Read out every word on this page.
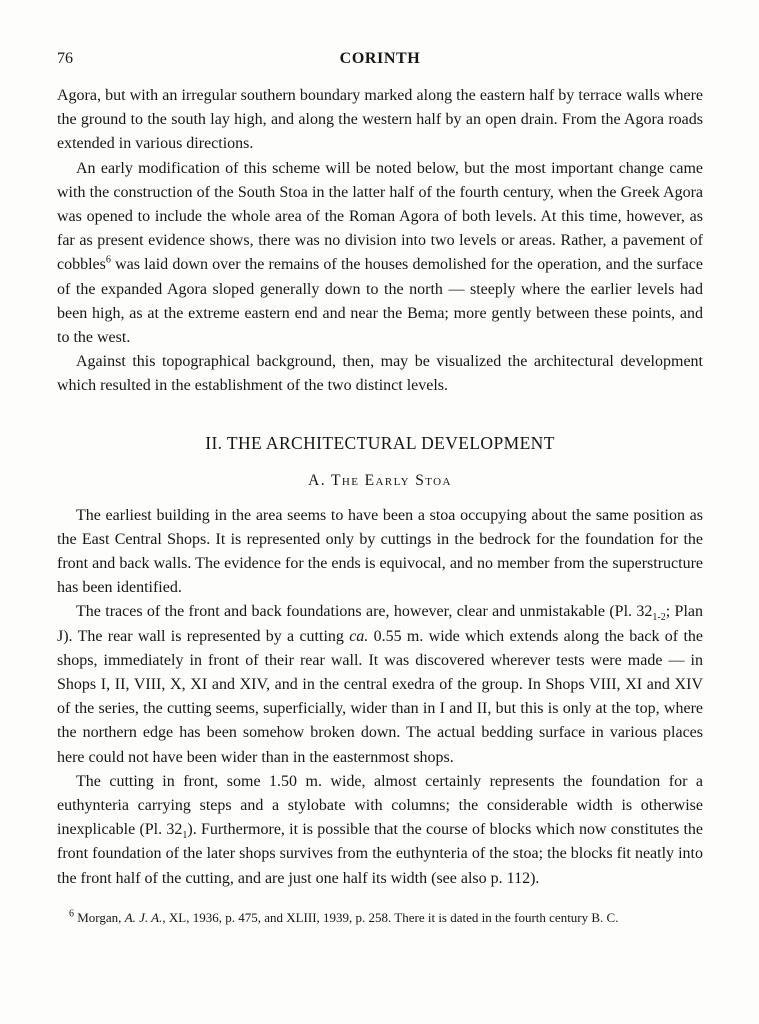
76	CORINTH

Agora, but with an irregular southern boundary marked along the eastern half by terrace walls where the ground to the south lay high, and along the western half by an open drain. From the Agora roads extended in various directions.

An early modification of this scheme will be noted below, but the most important change came with the construction of the South Stoa in the latter half of the fourth century, when the Greek Agora was opened to include the whole area of the Roman Agora of both levels. At this time, however, as far as present evidence shows, there was no division into two levels or areas. Rather, a pavement of cobbles$^6$ was laid down over the remains of the houses demolished for the operation, and the surface of the expanded Agora sloped generally down to the north — steeply where the earlier levels had been high, as at the extreme eastern end and near the Bema; more gently between these points, and to the west.

Against this topographical background, then, may be visualized the architectural development which resulted in the establishment of the two distinct levels.

II. THE ARCHITECTURAL DEVELOPMENT
A. The Early Stoa

The earliest building in the area seems to have been a stoa occupying about the same position as the East Central Shops. It is represented only by cuttings in the bedrock for the foundation for the front and back walls. The evidence for the ends is equivocal, and no member from the superstructure has been identified.

The traces of the front and back foundations are, however, clear and unmistakable (Pl. $32_{1-2}$; Plan J). The rear wall is represented by a cutting ca. 0.55 m. wide which extends along the back of the shops, immediately in front of their rear wall. It was discovered wherever tests were made — in Shops I, II, VIII, X, XI and XIV, and in the central exedra of the group. In Shops VIII, XI and XIV of the series, the cutting seems, superficially, wider than in I and II, but this is only at the top, where the northern edge has been somehow broken down. The actual bedding surface in various places here could not have been wider than in the easternmost shops.

The cutting in front, some 1.50 m. wide, almost certainly represents the foundation for a euthynteria carrying steps and a stylobate with columns; the considerable width is otherwise inexplicable (Pl. $32_1$). Furthermore, it is possible that the course of blocks which now constitutes the front foundation of the later shops survives from the euthynteria of the stoa; the blocks fit neatly into the front half of the cutting, and are just one half its width (see also p. 112).

$^6$ Morgan, A. J. A., XL, 1936, p. 475, and XLIII, 1939, p. 258. There it is dated in the fourth century B. C.
